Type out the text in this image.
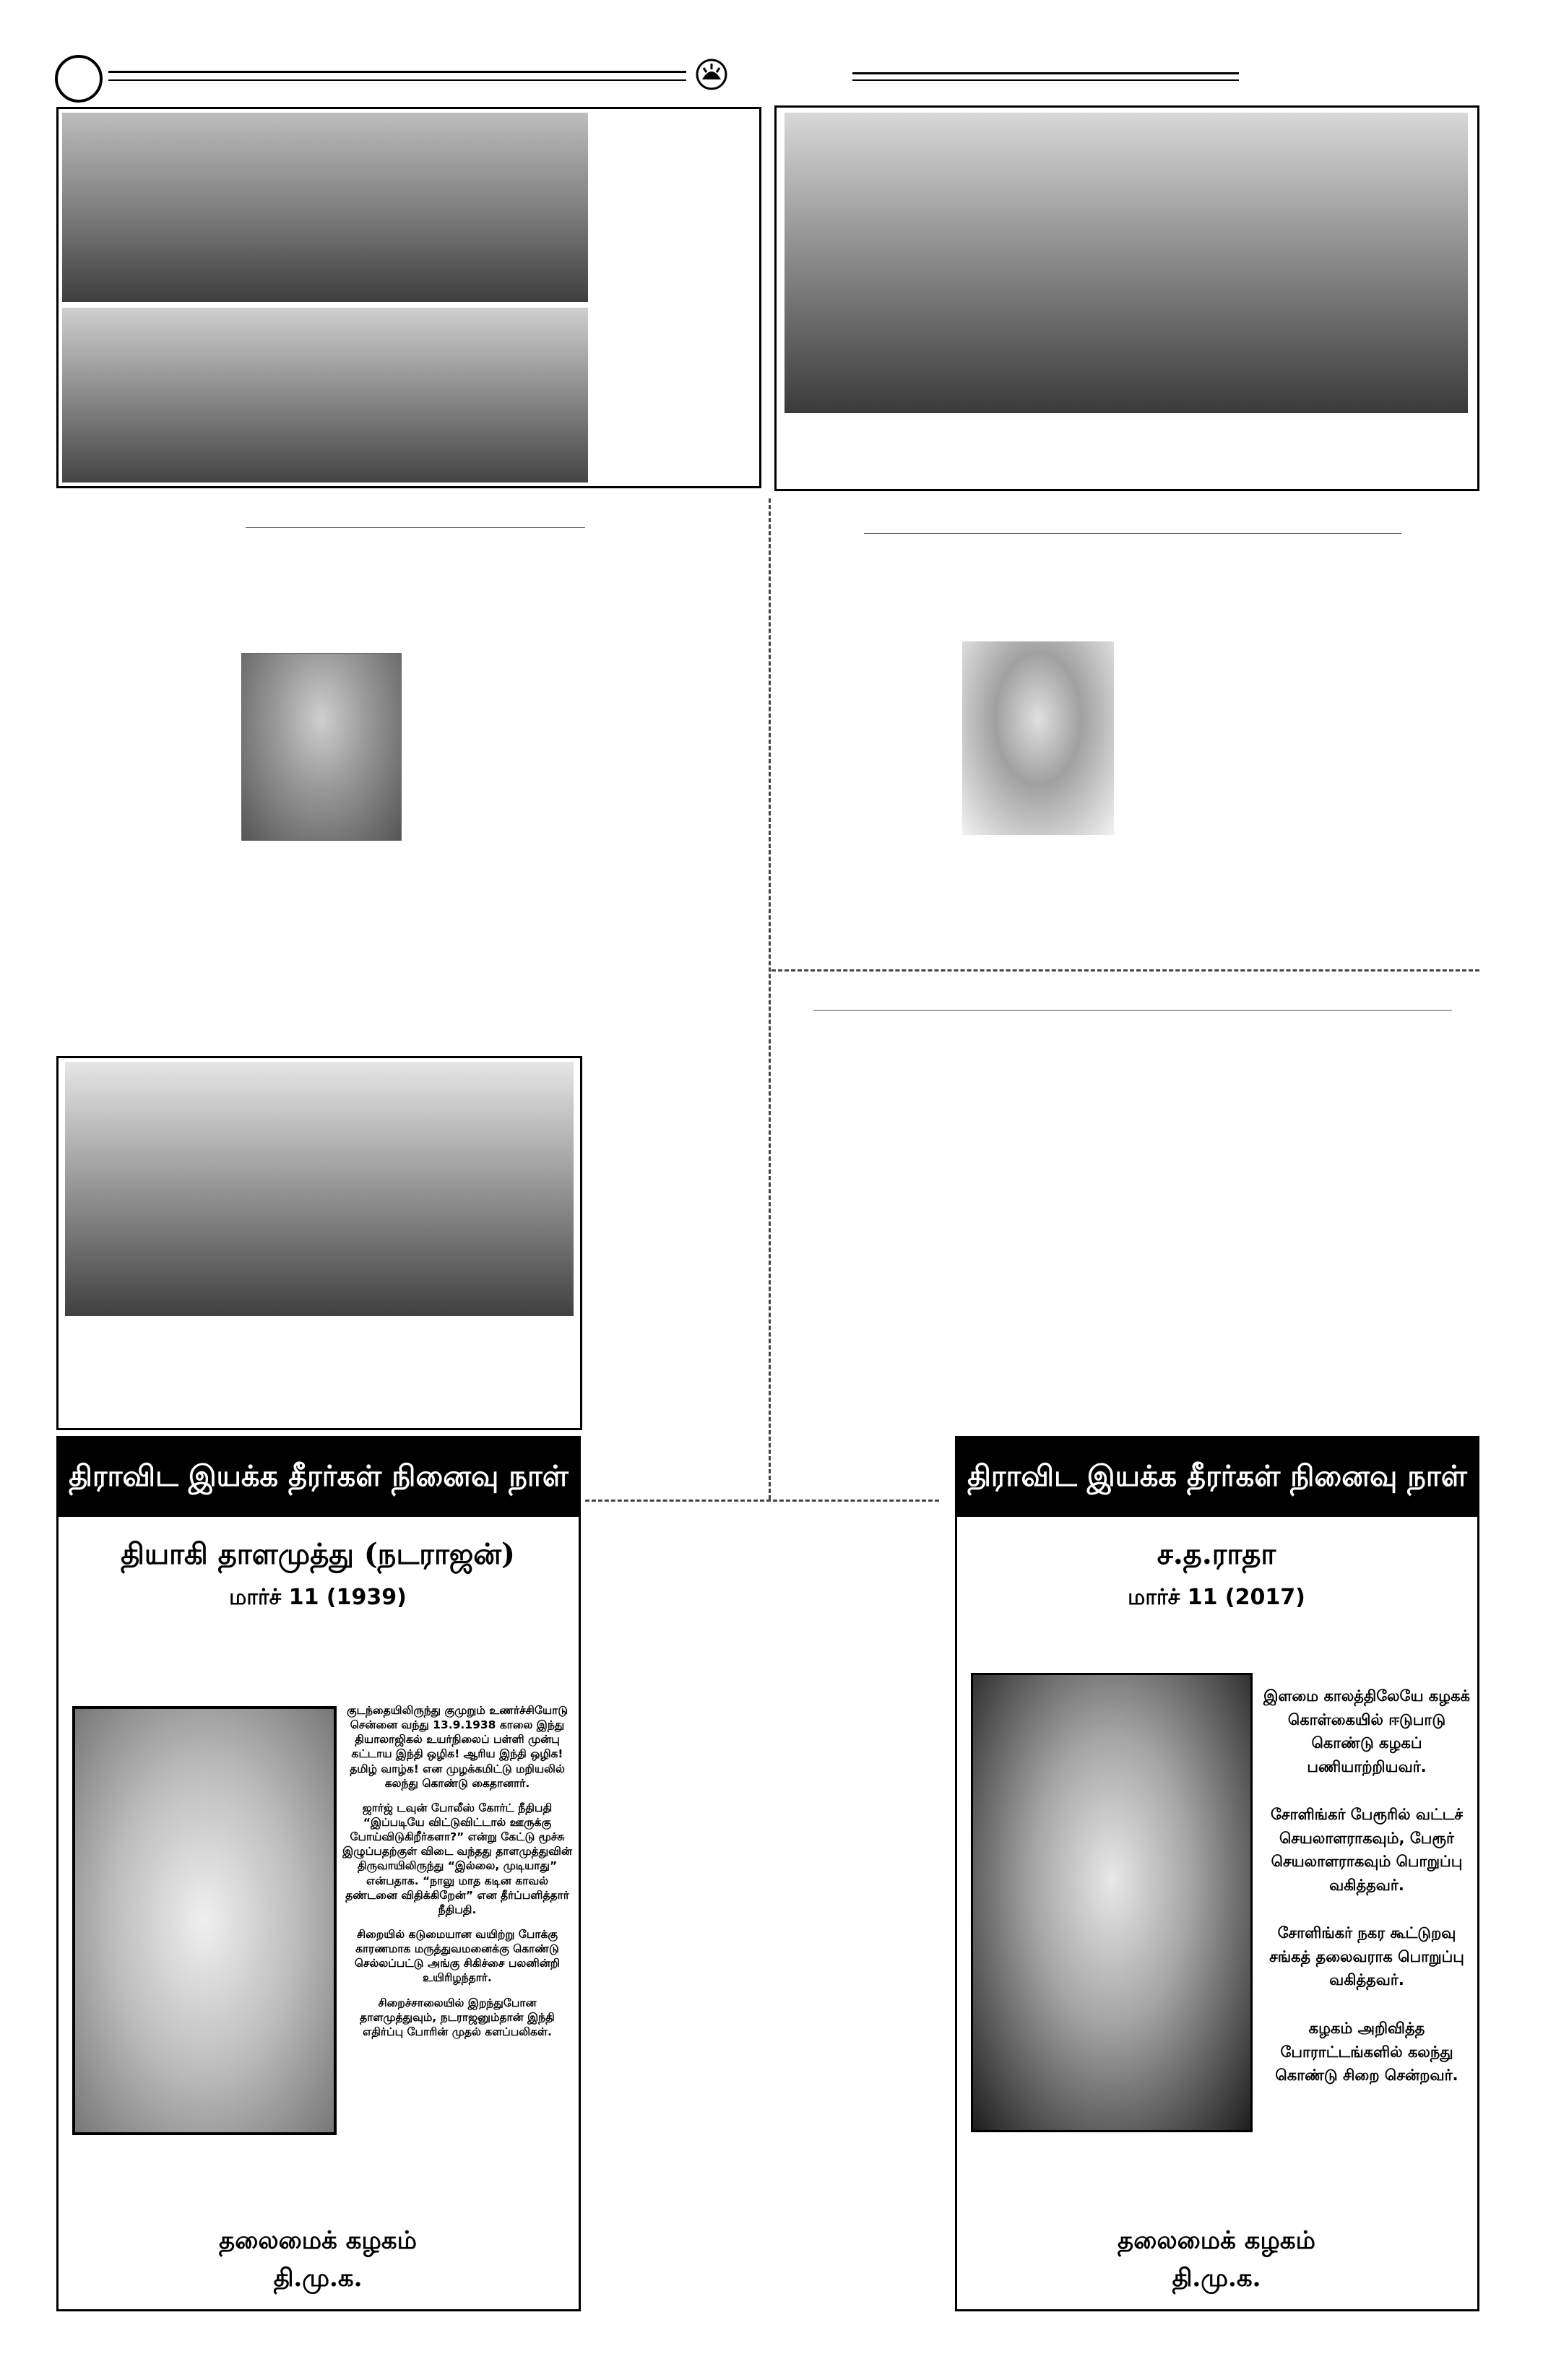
திராவிட இயக்க தீரர்கள் நினைவு நாள்
தியாகி தாளமுத்து (நடராஜன்)
மார்ச் 11 (1939)

குடந்தையிலிருந்து குமுறும் உணர்ச்சியோடு சென்னை வந்து 13.9.1938 காலை இந்து தியாலாஜிகல் உயர்நிலைப் பள்ளி முன்பு கட்டாய இந்தி ஒழிக! ஆரிய இந்தி ஒழிக! தமிழ் வாழ்க! என முழக்கமிட்டு மறியலில் கலந்து கொண்டு கைதானார்.

ஜார்ஜ் டவுன் போலீஸ் கோர்ட் நீதிபதி “இப்படியே விட்டுவிட்டால் ஊருக்கு போய்விடுகிறீர்களா?” என்று கேட்டு மூச்சு இழுப்பதற்குள் விடை வந்தது தாளமுத்துவின் திருவாயிலிருந்து “இல்லை, முடியாது” என்பதாக. “நாலு மாத கடின காவல் தண்டனை விதிக்கிறேன்” என தீர்ப்பளித்தார் நீதிபதி.

சிறையில் கடுமையான வயிற்று போக்கு காரணமாக மருத்துவமனைக்கு கொண்டு செல்லப்பட்டு அங்கு சிகிச்சை பலனின்றி உயிரிழந்தார்.

சிறைச்சாலையில் இறந்துபோன தாளமுத்துவும், நடராஜனும்தான் இந்தி எதிர்ப்பு போரின் முதல் களப்பலிகள்.

தலைமைக் கழகம்
தி.மு.க.
திராவிட இயக்க தீரர்கள் நினைவு நாள்
ச.த.ராதா
மார்ச் 11 (2017)

இளமை காலத்திலேயே கழகக் கொள்கையில் ஈடுபாடு கொண்டு கழகப் பணியாற்றியவர்.

சோளிங்கர் பேரூரில் வட்டச் செயலாளராகவும், பேரூர் செயலாளராகவும் பொறுப்பு வகித்தவர்.

சோளிங்கர் நகர கூட்டுறவு சங்கத் தலைவராக பொறுப்பு வகித்தவர்.

கழகம் அறிவித்த போராட்டங்களில் கலந்து கொண்டு சிறை சென்றவர்.

தலைமைக் கழகம்
தி.மு.க.
